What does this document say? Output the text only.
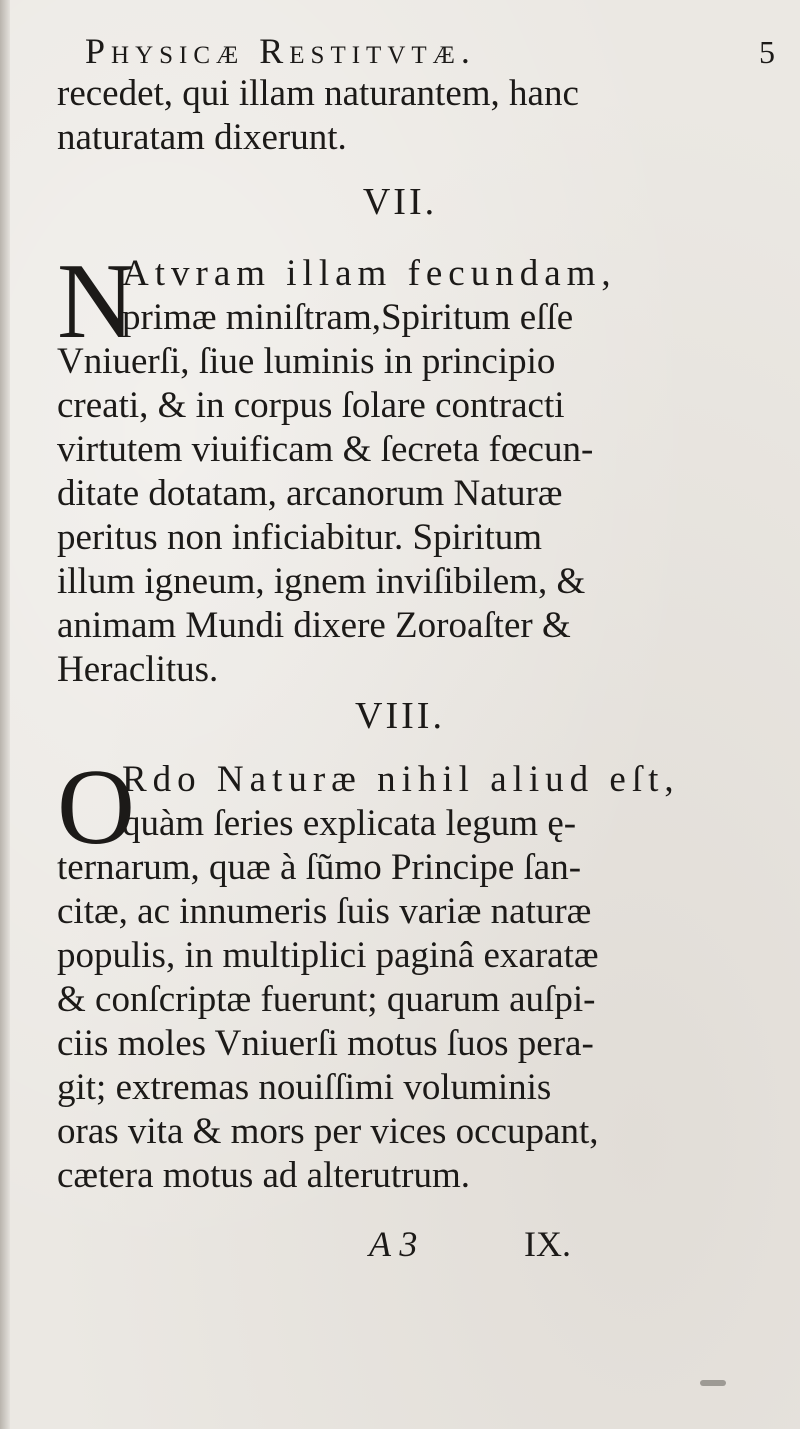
Physicæ Restitvtæ.	5
recedet, qui illam naturantem, hanc
naturatam dixerunt.
VII.
N
Atvram illam fecundam,
primæ miniſtram,Spiritum eſſe
Vniuerſi, ſiue luminis in principio
creati, & in corpus ſolare contracti
virtutem viuificam & ſecreta fœcun-
ditate dotatam, arcanorum Naturæ
peritus non inficiabitur. Spiritum
illum igneum, ignem inviſibilem, &
animam Mundi dixere Zoroaſter &
Heraclitus.
VIII.
O
Rdo Naturæ nihil aliud eſt,
quàm ſeries explicata legum ę-
ternarum, quæ à ſũmo Principe ſan-
citæ, ac innumeris ſuis variæ naturæ
populis, in multiplici paginâ exaratæ
& conſcriptæ fuerunt; quarum auſpi-
ciis moles Vniuerſi motus ſuos pera-
git; extremas nouiſſimi voluminis
oras vita & mors per vices occupant,
cætera motus ad alterutrum.
A 3	IX.
